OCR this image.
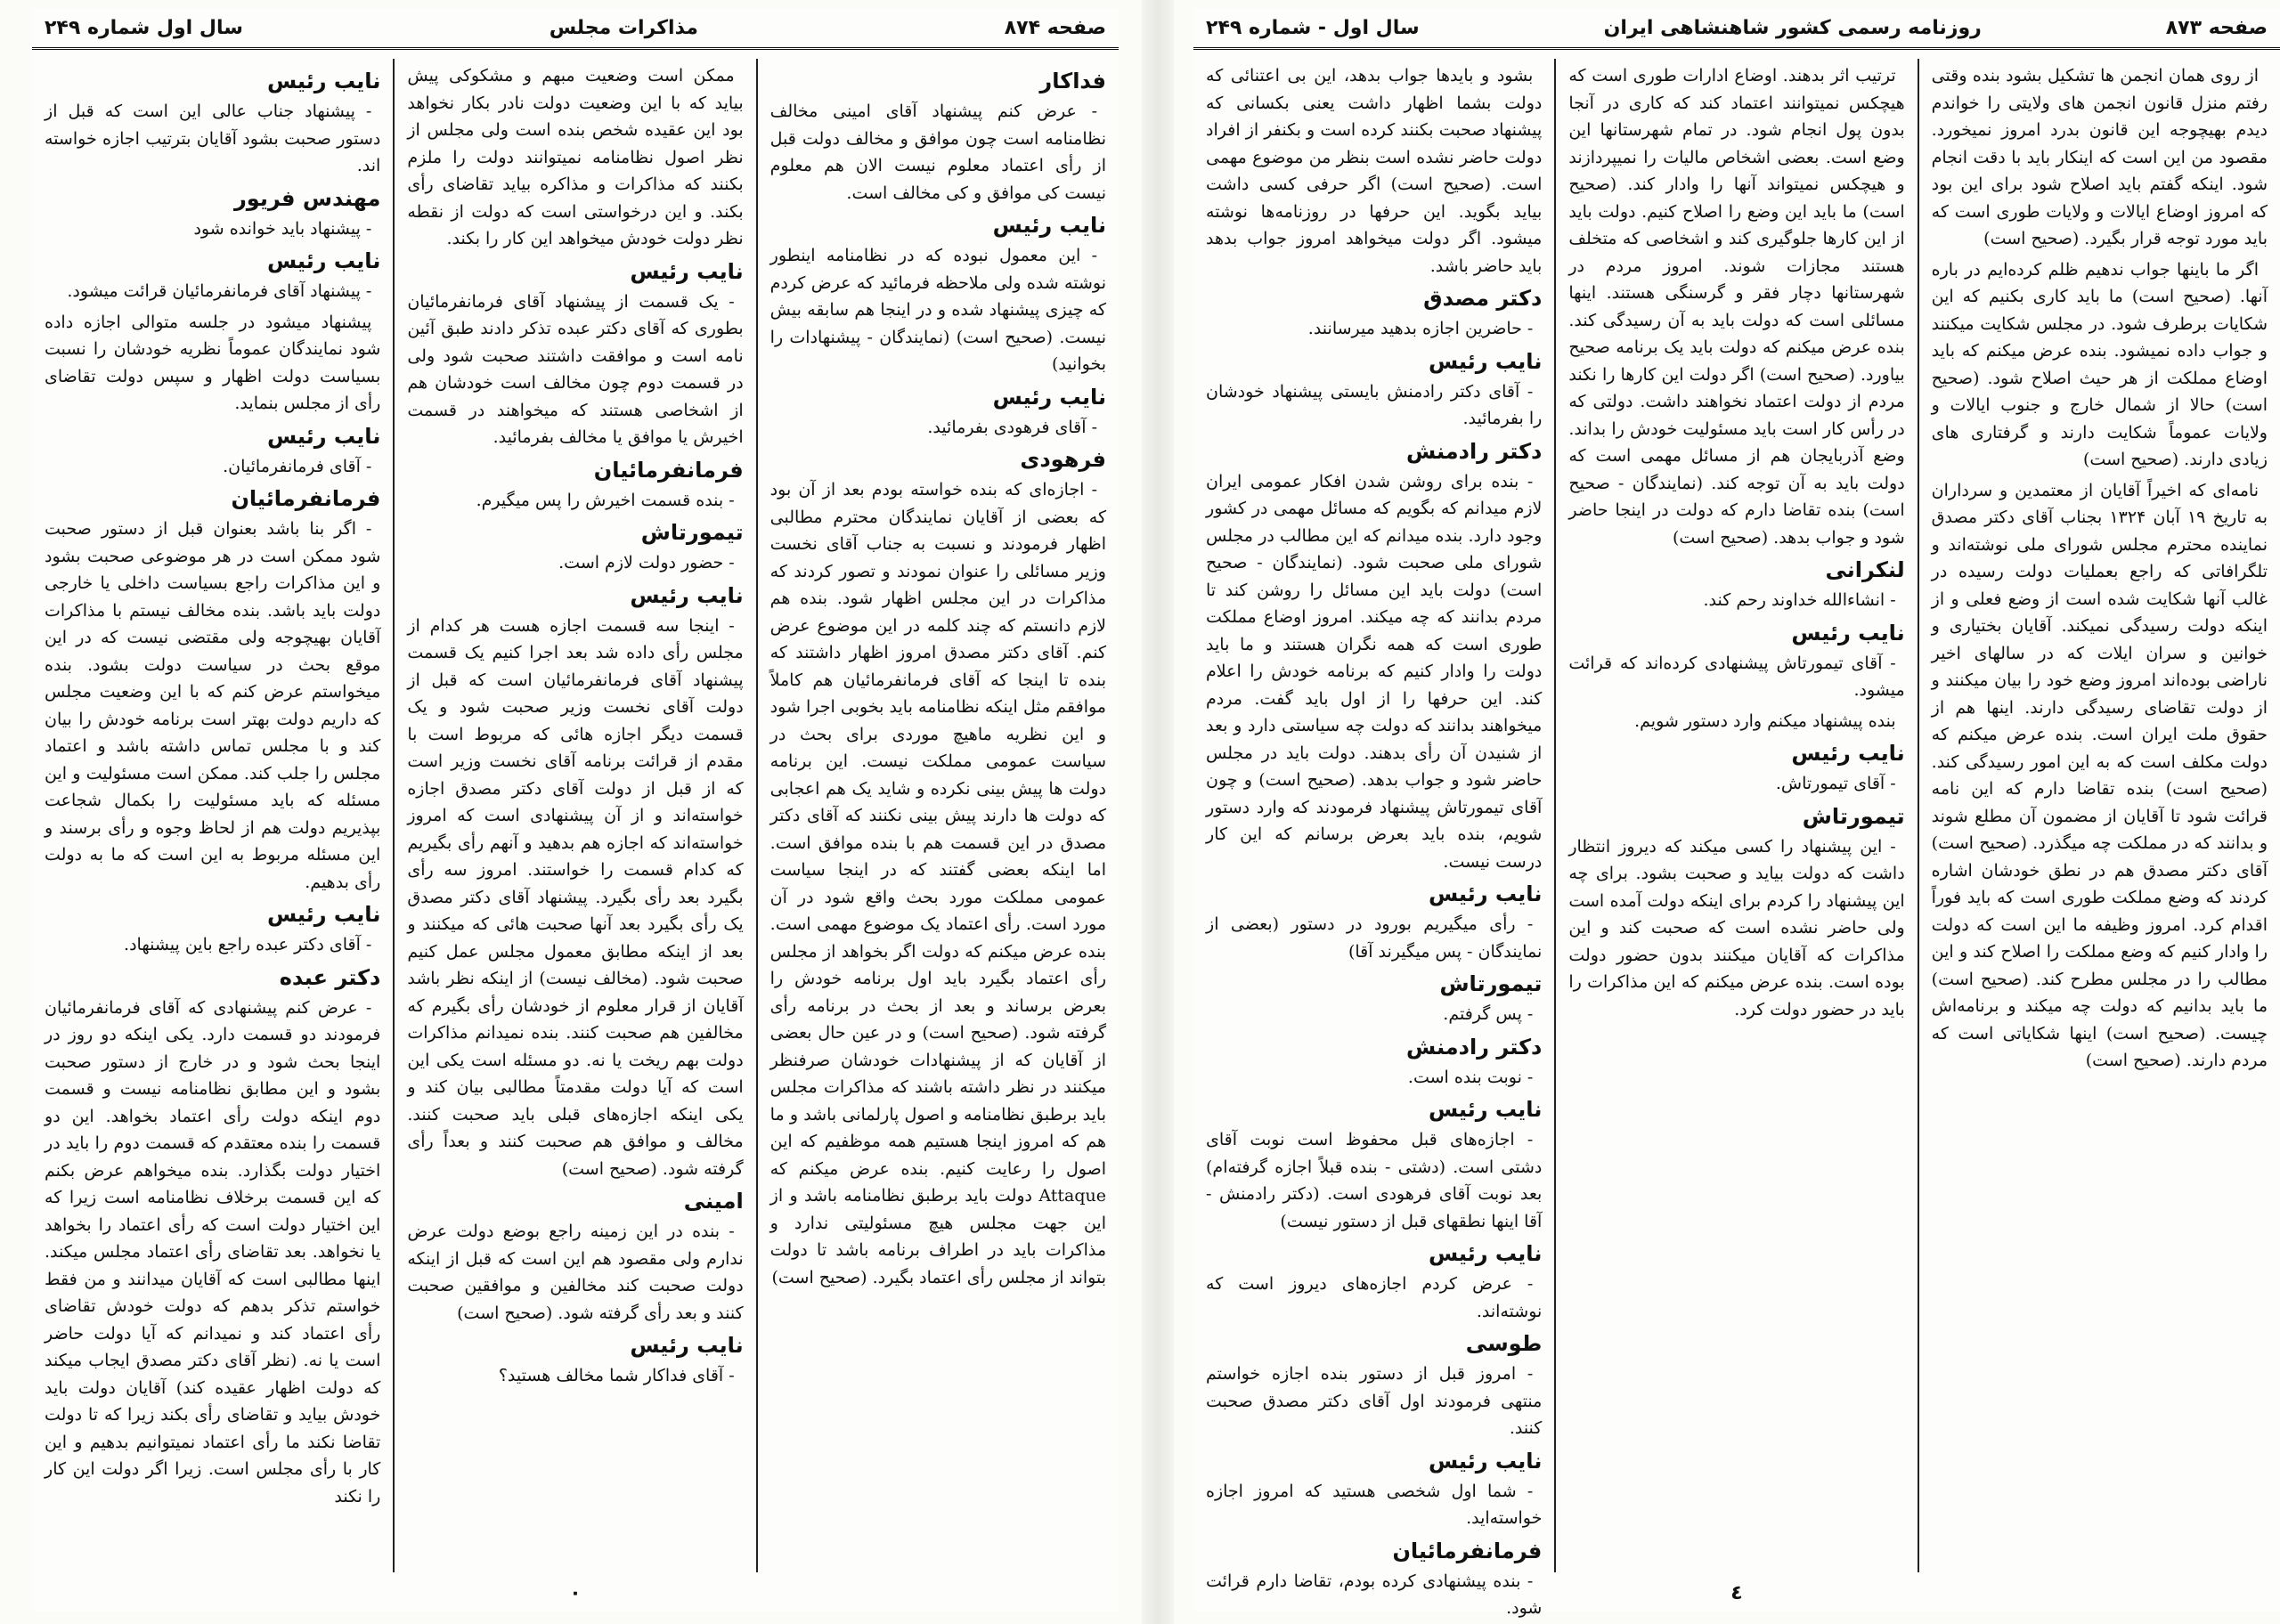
صفحه ۸۷۴
مذاکرات مجلس
سال اول شماره ۲۴۹
فداکار

- عرض کنم پیشنهاد آقای امینی مخالف نظامنامه است چون موافق و مخالف دولت قبل از رأی اعتماد معلوم نیست الان هم معلوم نیست کی موافق و کی مخالف است.

نایب رئیس

- این معمول نبوده که در نظامنامه اینطور نوشته شده ولی ملاحظه فرمائید که عرض کردم که چیزی پیشنهاد شده و در اینجا هم سابقه بیش نیست. (صحیح است) (نمایندگان - پیشنهادات را بخوانید)

نایب رئیس

- آقای فرهودی بفرمائید.

فرهودی

- اجازه‌ای که بنده خواسته بودم بعد از آن بود که بعضی از آقایان نمایندگان محترم مطالبی اظهار فرمودند و نسبت به جناب آقای نخست وزیر مسائلی را عنوان نمودند و تصور کردند که مذاکرات در این مجلس اظهار شود. بنده هم لازم دانستم که چند کلمه در این موضوع عرض کنم. آقای دکتر مصدق امروز اظهار داشتند که بنده تا اینجا که آقای فرمانفرمائیان هم کاملاً موافقم مثل اینکه نظامنامه باید بخوبی اجرا شود و این نظریه ماهیچ موردی برای بحث در سیاست عمومی مملکت نیست. این برنامه دولت ها پیش بینی نکرده و شاید یک هم اعجابی که دولت ها دارند پیش بینی نکنند که آقای دکتر مصدق در این قسمت هم با بنده موافق است. اما اینکه بعضی گفتند که در اینجا سیاست عمومی مملکت مورد بحث واقع شود در آن مورد است. رأی اعتماد یک موضوع مهمی است. بنده عرض میکنم که دولت اگر بخواهد از مجلس رأی اعتماد بگیرد باید اول برنامه خودش را بعرض برساند و بعد از بحث در برنامه رأی گرفته شود. (صحیح است) و در عین حال بعضی از آقایان که از پیشنهادات خودشان صرفنظر میکنند در نظر داشته باشند که مذاکرات مجلس باید برطبق نظامنامه و اصول پارلمانی باشد و ما هم که امروز اینجا هستیم همه موظفیم که این اصول را رعایت کنیم. بنده عرض میکنم که Attaque دولت باید برطبق نظامنامه باشد و از این جهت مجلس هیچ مسئولیتی ندارد و مذاکرات باید در اطراف برنامه باشد تا دولت بتواند از مجلس رأی اعتماد بگیرد. (صحیح است)

ممکن است وضعیت مبهم و مشکوکی پیش بیاید که با این وضعیت دولت نادر بکار نخواهد بود این عقیده شخص بنده است ولی مجلس از نظر اصول نظامنامه نمیتوانند دولت را ملزم بکنند که مذاکرات و مذاکره بیاید تقاضای رأی بکند. و این درخواستی است که دولت از نقطه نظر دولت خودش میخواهد این کار را بکند.

نایب رئیس

- یک قسمت از پیشنهاد آقای فرمانفرمائیان بطوری که آقای دکتر عبده تذکر دادند طبق آئین نامه است و موافقت داشتند صحبت شود ولی در قسمت دوم چون مخالف است خودشان هم از اشخاصی هستند که میخواهند در قسمت اخیرش یا موافق یا مخالف بفرمائید.

فرمانفرمائیان

- بنده قسمت اخیرش را پس میگیرم.

تیمورتاش

- حضور دولت لازم است.

نایب رئیس

- اینجا سه قسمت اجازه هست هر کدام از مجلس رأی داده شد بعد اجرا کنیم یک قسمت پیشنهاد آقای فرمانفرمائیان است که قبل از دولت آقای نخست وزیر صحبت شود و یک قسمت دیگر اجازه هائی که مربوط است با مقدم از قرائت برنامه آقای نخست وزیر است که از قبل از دولت آقای دکتر مصدق اجازه خواسته‌اند و از آن پیشنهادی است که امروز خواسته‌اند که اجازه هم بدهید و آنهم رأی بگیریم که کدام قسمت را خواستند. امروز سه رأی بگیرد بعد رأی بگیرد. پیشنهاد آقای دکتر مصدق یک رأی بگیرد بعد آنها صحبت هائی که میکنند و بعد از اینکه مطابق معمول مجلس عمل کنیم صحبت شود. (مخالف نیست) از اینکه نظر باشد آقایان از قرار معلوم از خودشان رأی بگیرم که مخالفین هم صحبت کنند. بنده نمیدانم مذاکرات دولت بهم ریخت یا نه. دو مسئله است یکی این است که آیا دولت مقدمتاً مطالبی بیان کند و یکی اینکه اجازه‌های قبلی باید صحبت کنند. مخالف و موافق هم صحبت کنند و بعداً رأی گرفته شود. (صحیح است)

امینی

- بنده در این زمینه راجع بوضع دولت عرض ندارم ولی مقصود هم این است که قبل از اینکه دولت صحبت کند مخالفین و موافقین صحبت کنند و بعد رأی گرفته شود. (صحیح است)

نایب رئیس

- آقای فداکار شما مخالف هستید؟

نایب رئیس

- پیشنهاد جناب عالی این است که قبل از دستور صحبت بشود آقایان بترتیب اجازه خواسته اند.

مهندس فریور

- پیشنهاد باید خوانده شود

نایب رئیس

- پیشنهاد آقای فرمانفرمائیان قرائت میشود.

پیشنهاد میشود در جلسه متوالی اجازه داده شود نمایندگان عموماً نظریه خودشان را نسبت بسیاست دولت اظهار و سپس دولت تقاضای رأی از مجلس بنماید.

نایب رئیس

- آقای فرمانفرمائیان.

فرمانفرمائیان

- اگر بنا باشد بعنوان قبل از دستور صحبت شود ممکن است در هر موضوعی صحبت بشود و این مذاکرات راجع بسیاست داخلی یا خارجی دولت باید باشد. بنده مخالف نیستم با مذاکرات آقایان بهیچوجه ولی مقتضی نیست که در این موقع بحث در سیاست دولت بشود. بنده میخواستم عرض کنم که با این وضعیت مجلس که داریم دولت بهتر است برنامه خودش را بیان کند و با مجلس تماس داشته باشد و اعتماد مجلس را جلب کند. ممکن است مسئولیت و این مسئله که باید مسئولیت را بکمال شجاعت بپذیریم دولت هم از لحاظ وجوه و رأی برسند و این مسئله مربوط به این است که ما به دولت رأی بدهیم.

نایب رئیس

- آقای دکتر عبده راجع باین پیشنهاد.

دکتر عبده

- عرض کنم پیشنهادی که آقای فرمانفرمائیان فرمودند دو قسمت دارد. یکی اینکه دو روز در اینجا بحث شود و در خارج از دستور صحبت بشود و این مطابق نظامنامه نیست و قسمت دوم اینکه دولت رأی اعتماد بخواهد. این دو قسمت را بنده معتقدم که قسمت دوم را باید در اختیار دولت بگذارد. بنده میخواهم عرض بکنم که این قسمت برخلاف نظامنامه است زیرا که این اختیار دولت است که رأی اعتماد را بخواهد یا نخواهد. بعد تقاضای رأی اعتماد مجلس میکند. اینها مطالبی است که آقایان میدانند و من فقط خواستم تذکر بدهم که دولت خودش تقاضای رأی اعتماد کند و نمیدانم که آیا دولت حاضر است یا نه. (نظر آقای دکتر مصدق ایجاب میکند که دولت اظهار عقیده کند) آقایان دولت باید خودش بیاید و تقاضای رأی بکند زیرا که تا دولت تقاضا نکند ما رأی اعتماد نمیتوانیم بدهیم و این کار با رأی مجلس است. زیرا اگر دولت این کار را نکند

٠
صفحه ۸۷۳
روزنامه رسمی کشور شاهنشاهی ایران
سال اول - شماره ۲۴۹

از روی همان انجمن ها تشکیل بشود بنده وقتی رفتم منزل قانون انجمن های ولایتی را خواندم دیدم بهیچوجه این قانون بدرد امروز نمیخورد. مقصود من این است که اینکار باید با دقت انجام شود. اینکه گفتم باید اصلاح شود برای این بود که امروز اوضاع ایالات و ولایات طوری است که باید مورد توجه قرار بگیرد. (صحیح است)

اگر ما باینها جواب ندهیم ظلم کرده‌ایم در باره آنها. (صحیح است) ما باید کاری بکنیم که این شکایات برطرف شود. در مجلس شکایت میکنند و جواب داده نمیشود. بنده عرض میکنم که باید اوضاع مملکت از هر حیث اصلاح شود. (صحیح است) حالا از شمال خارج و جنوب ایالات و ولایات عموماً شکایت دارند و گرفتاری های زیادی دارند. (صحیح است)

نامه‌ای که اخیراً آقایان از معتمدین و سرداران به تاریخ ۱۹ آبان ۱۳۲۴ بجناب آقای دکتر مصدق نماینده محترم مجلس شورای ملی نوشته‌اند و تلگرافاتی که راجع بعملیات دولت رسیده در غالب آنها شکایت شده است از وضع فعلی و از اینکه دولت رسیدگی نمیکند. آقایان بختیاری و خوانین و سران ایلات که در سالهای اخیر ناراضی بوده‌اند امروز وضع خود را بیان میکنند و از دولت تقاضای رسیدگی دارند. اینها هم از حقوق ملت ایران است. بنده عرض میکنم که دولت مکلف است که به این امور رسیدگی کند. (صحیح است) بنده تقاضا دارم که این نامه قرائت شود تا آقایان از مضمون آن مطلع شوند و بدانند که در مملکت چه میگذرد. (صحیح است) آقای دکتر مصدق هم در نطق خودشان اشاره کردند که وضع مملکت طوری است که باید فوراً اقدام کرد. امروز وظیفه ما این است که دولت را وادار کنیم که وضع مملکت را اصلاح کند و این مطالب را در مجلس مطرح کند. (صحیح است) ما باید بدانیم که دولت چه میکند و برنامه‌اش چیست. (صحیح است) اینها شکایاتی است که مردم دارند. (صحیح است)

ترتیب اثر بدهند. اوضاع ادارات طوری است که هیچکس نمیتوانند اعتماد کند که کاری در آنجا بدون پول انجام شود. در تمام شهرستانها این وضع است. بعضی اشخاص مالیات را نمیپردازند و هیچکس نمیتواند آنها را وادار کند. (صحیح است) ما باید این وضع را اصلاح کنیم. دولت باید از این کارها جلوگیری کند و اشخاصی که متخلف هستند مجازات شوند. امروز مردم در شهرستانها دچار فقر و گرسنگی هستند. اینها مسائلی است که دولت باید به آن رسیدگی کند. بنده عرض میکنم که دولت باید یک برنامه صحیح بیاورد. (صحیح است) اگر دولت این کارها را نکند مردم از دولت اعتماد نخواهند داشت. دولتی که در رأس کار است باید مسئولیت خودش را بداند. وضع آذربایجان هم از مسائل مهمی است که دولت باید به آن توجه کند. (نمایندگان - صحیح است) بنده تقاضا دارم که دولت در اینجا حاضر شود و جواب بدهد. (صحیح است)

لنکرانی

- انشاءالله خداوند رحم کند.

نایب رئیس

- آقای تیمورتاش پیشنهادی کرده‌اند که قرائت میشود.

بنده پیشنهاد میکنم وارد دستور شویم.

نایب رئیس

- آقای تیمورتاش.

تیمورتاش

- این پیشنهاد را کسی میکند که دیروز انتظار داشت که دولت بیاید و صحبت بشود. برای چه این پیشنهاد را کردم برای اینکه دولت آمده است ولی حاضر نشده است که صحبت کند و این مذاکرات که آقایان میکنند بدون حضور دولت بوده است. بنده عرض میکنم که این مذاکرات را باید در حضور دولت کرد.

بشود و بایدها جواب بدهد، این بی اعتنائی که دولت بشما اظهار داشت یعنی بکسانی که پیشنهاد صحبت بکنند کرده است و بکنفر از افراد دولت حاضر نشده است بنظر من موضوع مهمی است. (صحیح است) اگر حرفی کسی داشت بیاید بگوید. این حرفها در روزنامه‌ها نوشته میشود. اگر دولت میخواهد امروز جواب بدهد باید حاضر باشد.

دکتر مصدق

- حاضرین اجازه بدهید میرسانند.

نایب رئیس

- آقای دکتر رادمنش بایستی پیشنهاد خودشان را بفرمائید.

دکتر رادمنش

- بنده برای روشن شدن افکار عمومی ایران لازم میدانم که بگویم که مسائل مهمی در کشور وجود دارد. بنده میدانم که این مطالب در مجلس شورای ملی صحبت شود. (نمایندگان - صحیح است) دولت باید این مسائل را روشن کند تا مردم بدانند که چه میکند. امروز اوضاع مملکت طوری است که همه نگران هستند و ما باید دولت را وادار کنیم که برنامه خودش را اعلام کند. این حرفها را از اول باید گفت. مردم میخواهند بدانند که دولت چه سیاستی دارد و بعد از شنیدن آن رأی بدهند. دولت باید در مجلس حاضر شود و جواب بدهد. (صحیح است) و چون آقای تیمورتاش پیشنهاد فرمودند که وارد دستور شویم، بنده باید بعرض برسانم که این کار درست نیست.

نایب رئیس

- رأی میگیریم بورود در دستور (بعضی از نمایندگان - پس میگیرند آقا)

تیمورتاش

- پس گرفتم.

دکتر رادمنش

- نوبت بنده است.

نایب رئیس

- اجازه‌های قبل محفوظ است نوبت آقای دشتی است. (دشتی - بنده قبلاً اجازه گرفته‌ام) بعد نوبت آقای فرهودی است. (دکتر رادمنش - آقا اینها نطقهای قبل از دستور نیست)

نایب رئیس

- عرض کردم اجازه‌های دیروز است که نوشته‌اند.

طوسی

- امروز قبل از دستور بنده اجازه خواستم منتهی فرمودند اول آقای دکتر مصدق صحبت کنند.

نایب رئیس

- شما اول شخصی هستید که امروز اجازه خواسته‌اید.

فرمانفرمائیان

- بنده پیشنهادی کرده بودم، تقاضا دارم قرائت شود.

٤
